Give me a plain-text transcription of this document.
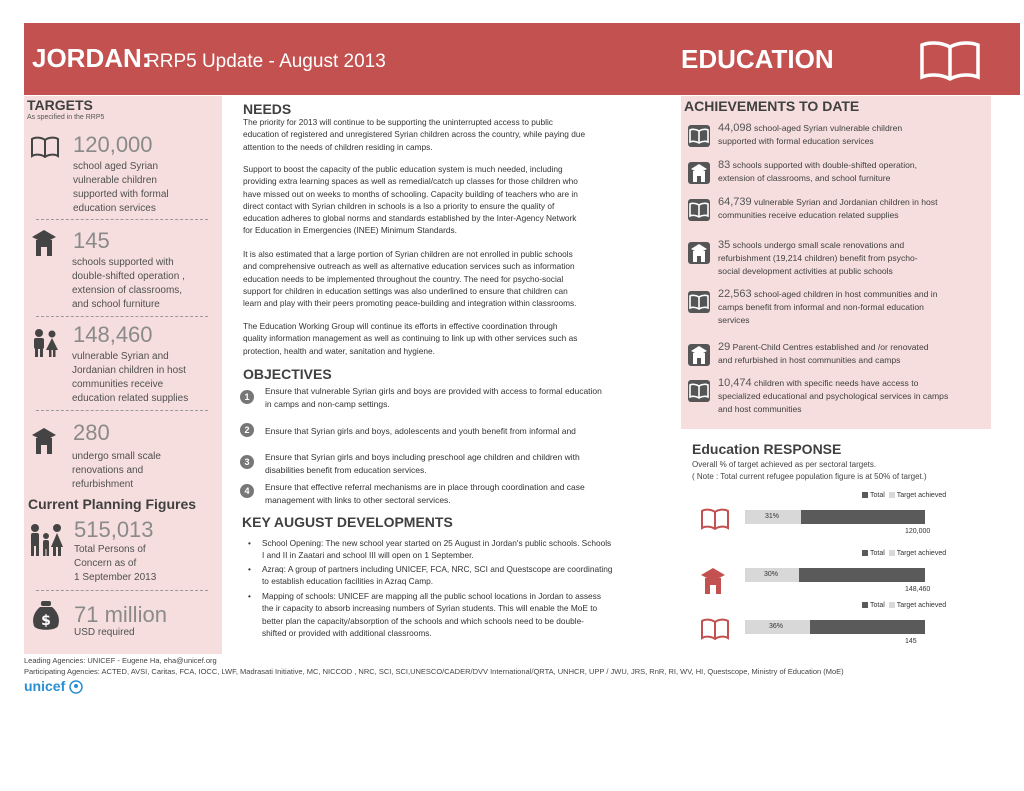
JORDAN:
RRP5 Update - August 2013	EDUCATION
TARGETS
As specified in the RRP5
120,000
school aged Syrian
vulnerable children
supported with formal
education services
145
schools supported with
double-shifted operation ,
extension of classrooms,
and school furniture
148,460
vulnerable Syrian and
Jordanian children in host
communities receive
education related supplies
280
undergo small scale
renovations and
refurbishment
Current Planning Figures
515,013
Total Persons of
Concern as of
1 September 2013
$ 71 million
USD required
NEEDS
The priority for 2013 will continue to be supporting the uninterrupted access to public
education of registered and unregistered Syrian children across the country, while paying due
attention to the needs of children residing in camps.
Support to boost the capacity of the public education system is much needed, including
providing extra learning spaces as well as remedial/catch up classes for those children who
have missed out on weeks to months of schooling. Capacity building of teachers who are in
direct contact with Syrian children in schools is a lso a priority to ensure the quality of
education adheres to global norms and standards established by the Inter-Agency Network
for Education in Emergencies (INEE) Minimum Standards.
It is also estimated that a large portion of Syrian children are not enrolled in public schools
and comprehensive outreach as well as alternative education services such as information
education needs to be implemented throughout the country. The need for psycho-social
support for children in education settings was also underlined to ensure that children can
learn and play with their peers promoting peace-building and integration within classrooms.
The Education Working Group will continue its efforts in effective coordination through
quality information management as well as continuing to link up with other services such as
protection, health and water, sanitation and hygiene.
OBJECTIVES
1
Ensure that vulnerable Syrian girls and boys are provided with access to formal education
in camps and non-camp settings.
2	Ensure that Syrian girls and boys, adolescents and youth benefit from informal and
3	Ensure that Syrian girls and boys including preschool age children and children with
disabilities benefit from education services.
4	Ensure that effective referral mechanisms are in place through coordination and case
management with links to other sectoral services.
KEY AUGUST DEVELOPMENTS
• School Opening: The new school year started on 25 August in Jordan's public schools. Schools
I and II in Zaatari and school III will open on 1 September.
• Azraq: A group of partners including UNICEF, FCA, NRC, SCI and Questscope are coordinating
to establish education facilities in Azraq Camp.
• Mapping of schools: UNICEF are mapping all the public school locations in Jordan to assess
the ir capacity to absorb increasing numbers of Syrian students. This will enable the MoE to
better plan the capacity/absorption of the schools and which schools need to be double-
shifted or provided with additional classrooms.
ACHIEVEMENTS TO DATE
44,098 school-aged Syrian vulnerable children
supported with formal education services
83 schools supported with double-shifted operation,
extension of classrooms, and school furniture
64,739 vulnerable Syrian and Jordanian children in host
communities receive education related supplies
35 schools undergo small scale renovations and
refurbishment (19,214 children) benefit from psycho-
social development activities at public schools
22,563 school-aged children in host communities and in
camps benefit from informal and non-formal education
services
29 Parent-Child Centres established and /or renovated
and refurbished in host communities and camps
10,474 children with specific needs have access to
specialized educational and psychological services in camps
and host communities
Education RESPONSE
Overall % of target achieved as per sectoral targets.
( Note : Total current refugee population figure is at 50% of target.)
Total Target achieved
31%
120,000
Total Target achieved
30%
148,460
Total Target achieved
36%
145
Leading Agencies: UNICEF - Eugene Ha, eha@unicef.org
Participating Agencies: ACTED, AVSI, Caritas, FCA, IOCC, LWF, Madrasati Initiative, MC, NICCOD , NRC, SCI, SCI,UNESCO/CADER/DVV International/QRTA, UNHCR, UPP / JWU, JRS, RnR, RI, WV, HI, Questscope, Ministry of Education (MoE)
unicef
